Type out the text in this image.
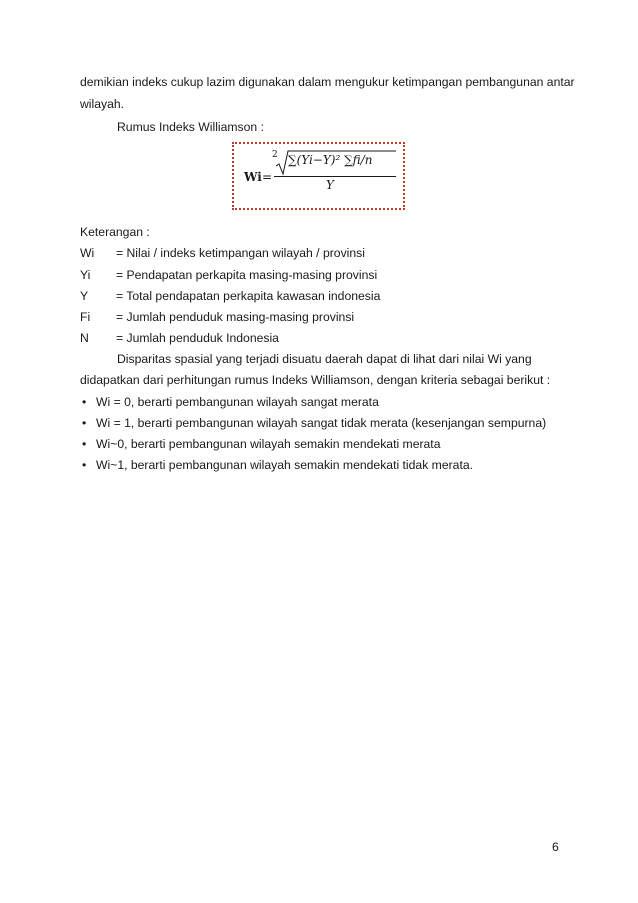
demikian indeks cukup lazim digunakan dalam mengukur ketimpangan pembangunan antar
wilayah.
Rumus Indeks Williamson :
Wi =
2 ∑(Yi−Y)² ∑fi/n
Y
Keterangan :
Wi = Nilai / indeks ketimpangan wilayah / provinsi
Yi = Pendapatan perkapita masing-masing provinsi
Y = Total pendapatan perkapita kawasan indonesia
Fi = Jumlah penduduk masing-masing provinsi
N = Jumlah penduduk Indonesia
Disparitas spasial yang terjadi disuatu daerah dapat di lihat dari nilai Wi yang
didapatkan dari perhitungan rumus Indeks Williamson, dengan kriteria sebagai berikut :
• Wi = 0, berarti pembangunan wilayah sangat merata
• Wi = 1, berarti pembangunan wilayah sangat tidak merata (kesenjangan sempurna)
• Wi~0, berarti pembangunan wilayah semakin mendekati merata
• Wi~1, berarti pembangunan wilayah semakin mendekati tidak merata.
6
